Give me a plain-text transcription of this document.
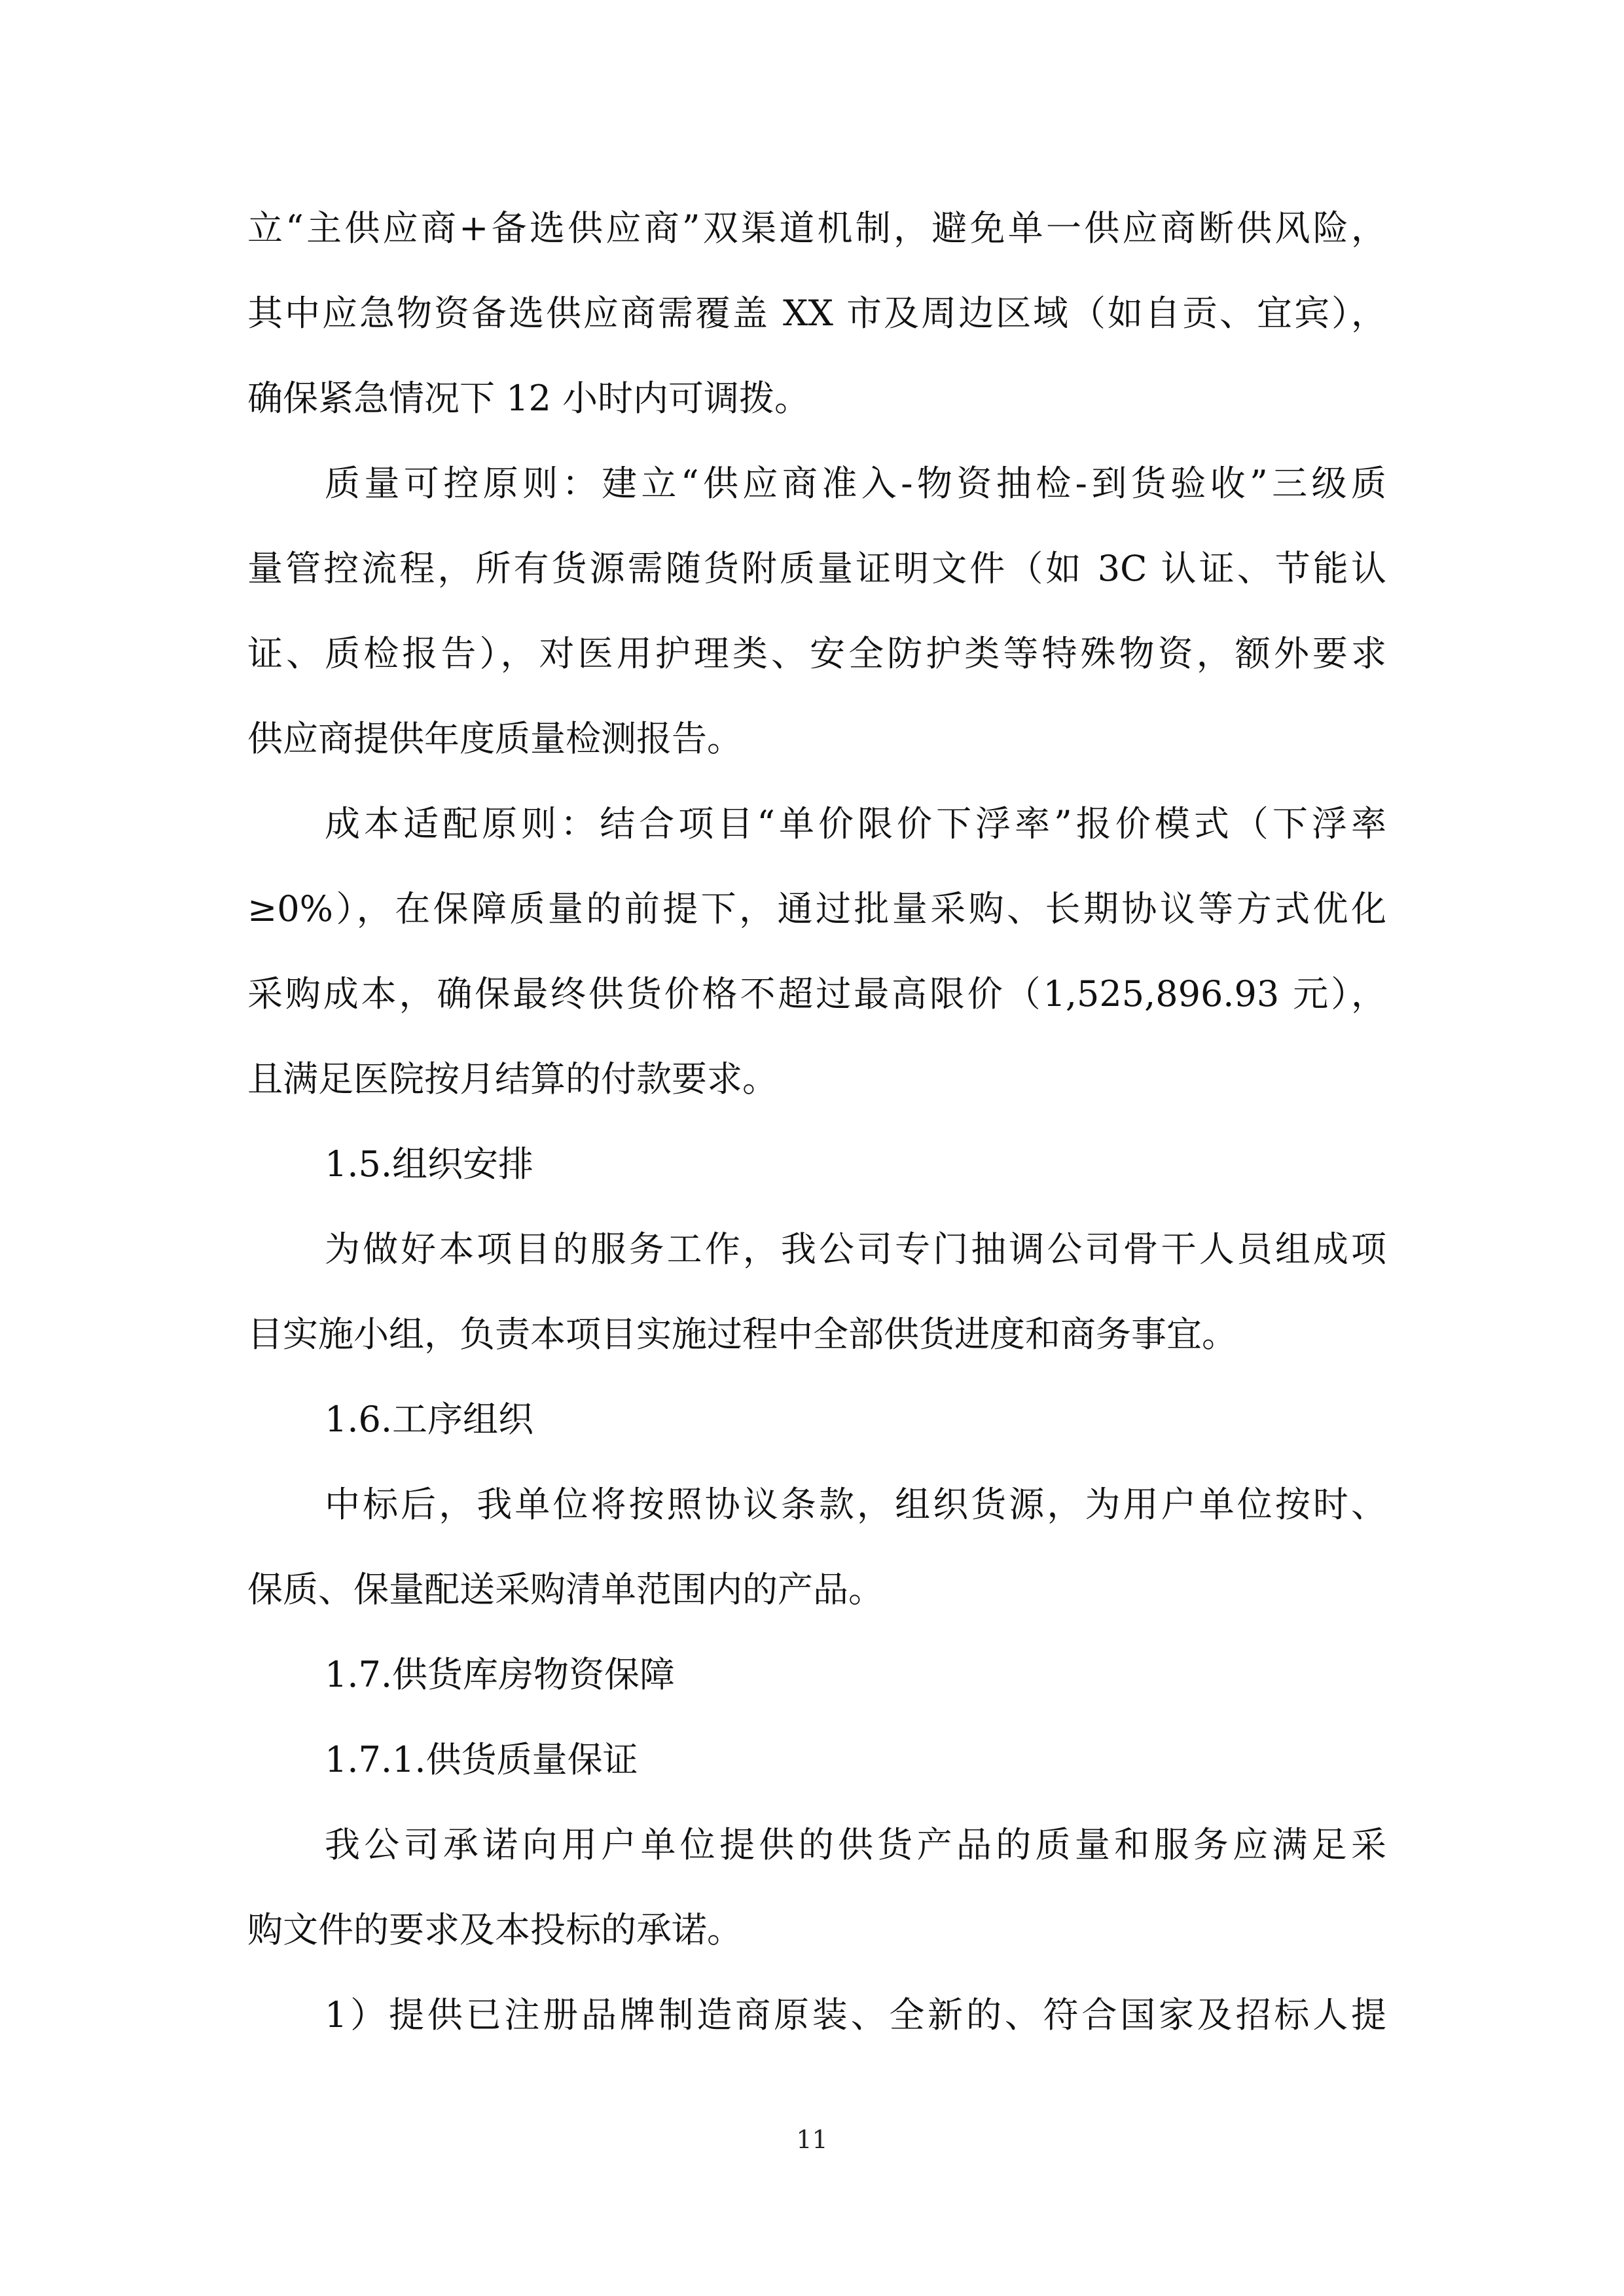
立“主供应商+备选供应商”双渠道机制，避免单一供应商断供风险，
其中应急物资备选供应商需覆盖 XX 市及周边区域（如自贡、宜宾），
确保紧急情况下 12 小时内可调拨。
质量可控原则：建立“供应商准入-物资抽检-到货验收”三级质
量管控流程，所有货源需随货附质量证明文件（如 3C 认证、节能认
证、质检报告），对医用护理类、安全防护类等特殊物资，额外要求
供应商提供年度质量检测报告。
成本适配原则：结合项目“单价限价下浮率”报价模式（下浮率
≥0%），在保障质量的前提下，通过批量采购、长期协议等方式优化
采购成本，确保最终供货价格不超过最高限价（1,525,896.93 元），
且满足医院按月结算的付款要求。
1.5.组织安排
为做好本项目的服务工作，我公司专门抽调公司骨干人员组成项
目实施小组，负责本项目实施过程中全部供货进度和商务事宜。
1.6.工序组织
中标后，我单位将按照协议条款，组织货源，为用户单位按时、
保质、保量配送采购清单范围内的产品。
1.7.供货库房物资保障
1.7.1.供货质量保证
我公司承诺向用户单位提供的供货产品的质量和服务应满足采
购文件的要求及本投标的承诺。
1）提供已注册品牌制造商原装、全新的、符合国家及招标人提
11
